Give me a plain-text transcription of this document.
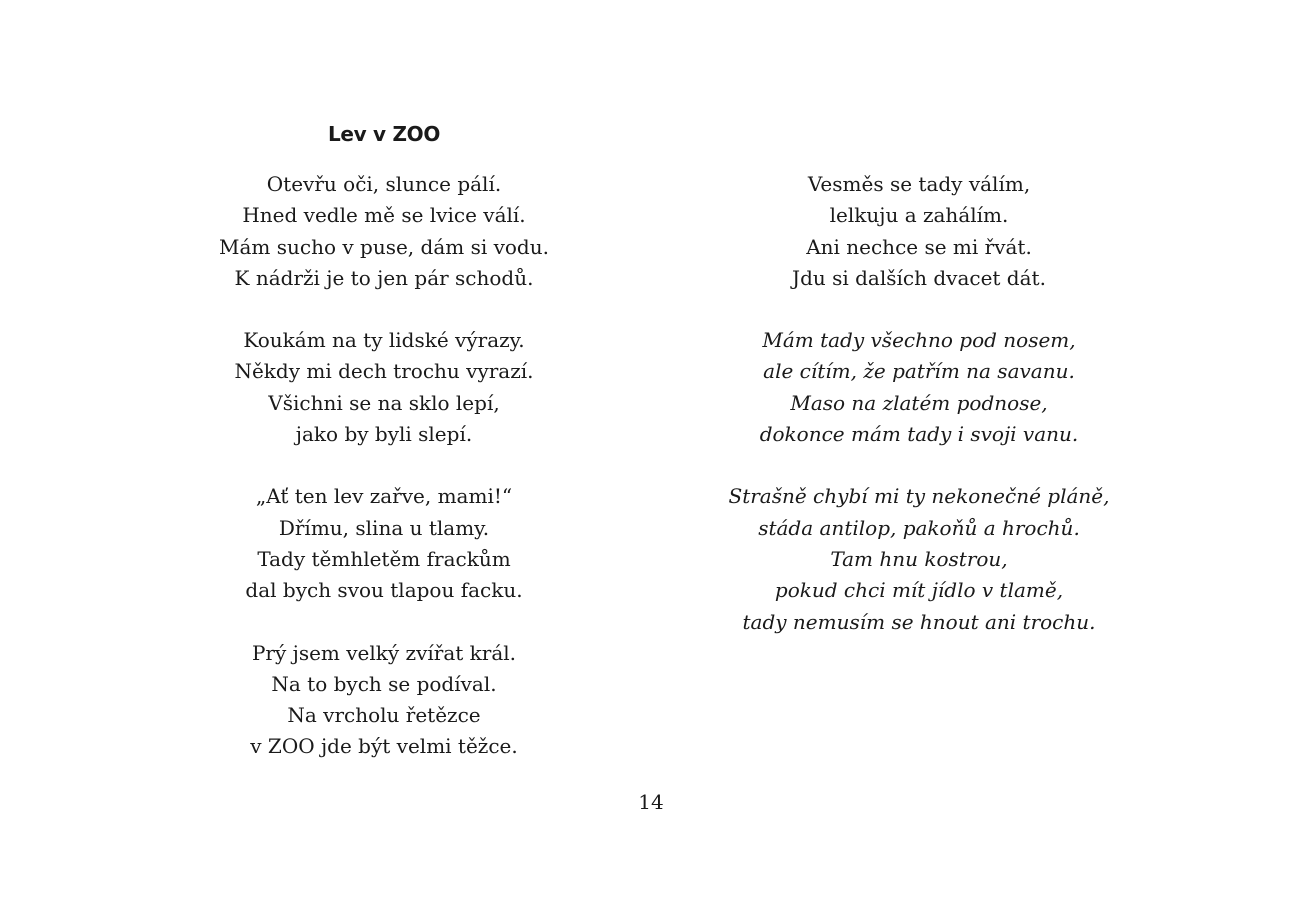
Lev v ZOO
Otevřu oči, slunce pálí.
Hned vedle mě se lvice válí.
Mám sucho v puse, dám si vodu.
K nádrži je to jen pár schodů.
Koukám na ty lidské výrazy.
Někdy mi dech trochu vyrazí.
Všichni se na sklo lepí,
jako by byli slepí.
„Ať ten lev zařve, mami!“
Dřímu, slina u tlamy.
Tady těmhletěm frackům
dal bych svou tlapou facku.
Prý jsem velký zvířat král.
Na to bych se podíval.
Na vrcholu řetězce
v ZOO jde být velmi těžce.
Vesměs se tady válím,
lelkuju a zahálím.
Ani nechce se mi řvát.
Jdu si dalších dvacet dát.
Mám tady všechno pod nosem,
ale cítím, že patřím na savanu.
Maso na zlatém podnose,
dokonce mám tady i svoji vanu.
Strašně chybí mi ty nekonečné pláně,
stáda antilop, pakoňů a hrochů.
Tam hnu kostrou,
pokud chci mít jídlo v tlamě,
tady nemusím se hnout ani trochu.
14
